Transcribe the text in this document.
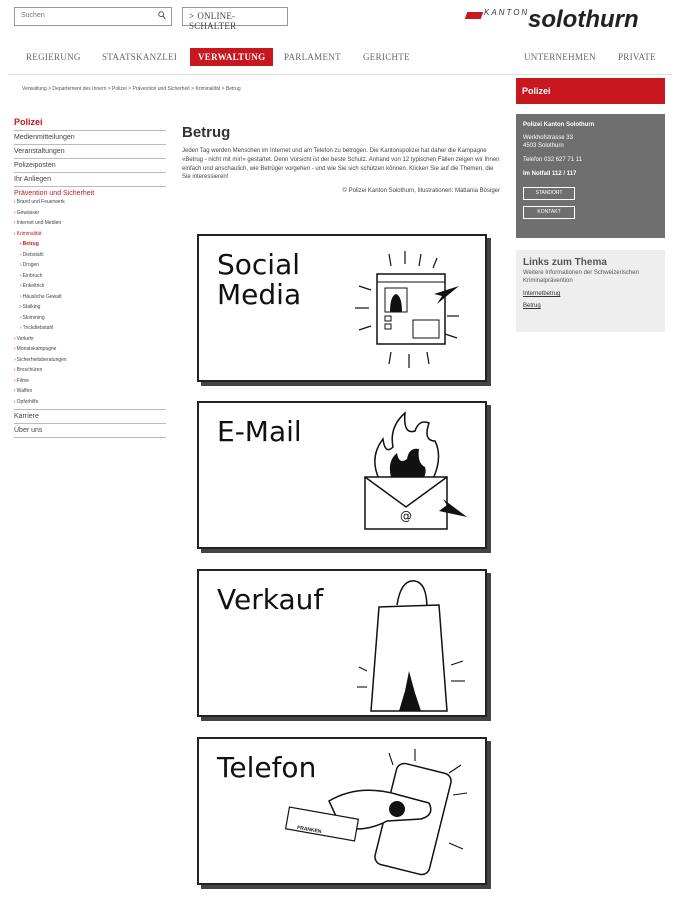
Suchen	> ONLINE-SCHALTER
KANTON
solothurn
REGIERUNG	STAATSKANZLEI	VERWALTUNG	PARLAMENT	GERICHTE	UNTERNEHMEN	PRIVATE
Verwaltung > Departement des Innern > Polizei > Prävention und Sicherheit > Kriminalität > Betrug
Polizei
Medienmitteilungen
Veranstaltungen
Polizeiposten
Ihr Anliegen
Prävention und Sicherheit
›Brand und Feuerwerk
›Gewässer
›Internet und Medien
›Kriminalität
›Betrug
›Diebstahl
›Drogen
›Einbruch
›Enkeltrick
›Häusliche Gewalt
›Stalking
›Skimming
›Trickdiebstahl
›Verkehr
›Monatskampagne
›Sicherheitsberatungen
›Broschüren
›Filme
›Waffen
›Opferhilfe
Karriere
Über uns
Betrug

Jeden Tag werden Menschen im Internet und am Telefon zu betrogen. Die Kantonspolizei hat daher die Kampagne «Betrug - nicht mit mir!» gestartet. Denn Vorsicht ist der beste Schutz. Anhand von 12 typischen Fällen zeigen wir Ihnen einfach und anschaulich, wie Betrüger vorgehen - und wie Sie sich schützen können. Klicken Sie auf die Themen, die Sie interessieren!

© Polizei Kanton Solothurn, Illustrationen: Mattania Bösiger

Social
Media
E-Mail
@
Verkauf
Telefon
FRANKEN
Polizei
Polizei Kanton Solothurn
Werkhofstrasse 33
4503 Solothurn
Telefon 032 627 71 11
Im Notfall 112 / 117
STANDORT
KONTAKT
Links zum Thema
Weitere Informationen der Schweizerischen Kriminalprävention
Internetbetrug
Betrug
